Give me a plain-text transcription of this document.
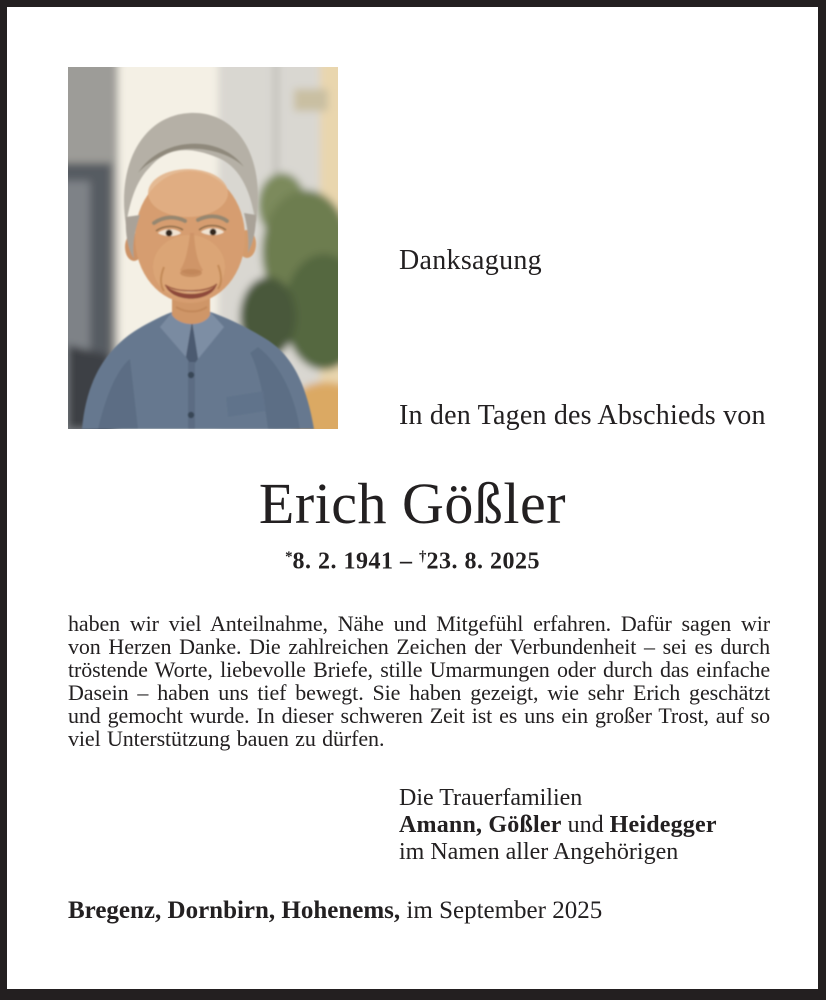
Danksagung
In den Tagen des Abschieds von
Erich Gößler
*8. 2. 1941 – †23. 8. 2025

haben wir viel Anteilnahme, Nähe und Mitgefühl erfahren. Dafür sagen wir von Herzen Danke. Die zahlreichen Zeichen der Verbundenheit – sei es durch tröstende Worte, liebevolle Briefe, stille Umarmungen oder durch das einfache Dasein – haben uns tief bewegt. Sie haben gezeigt, wie sehr Erich geschätzt und gemocht wurde. In dieser schweren Zeit ist es uns ein großer Trost, auf so viel Unterstützung bauen zu dürfen.

Die Trauerfamilien
Amann, Gößler und Heidegger
im Namen aller Angehörigen
Bregenz, Dornbirn, Hohenems, im September 2025
